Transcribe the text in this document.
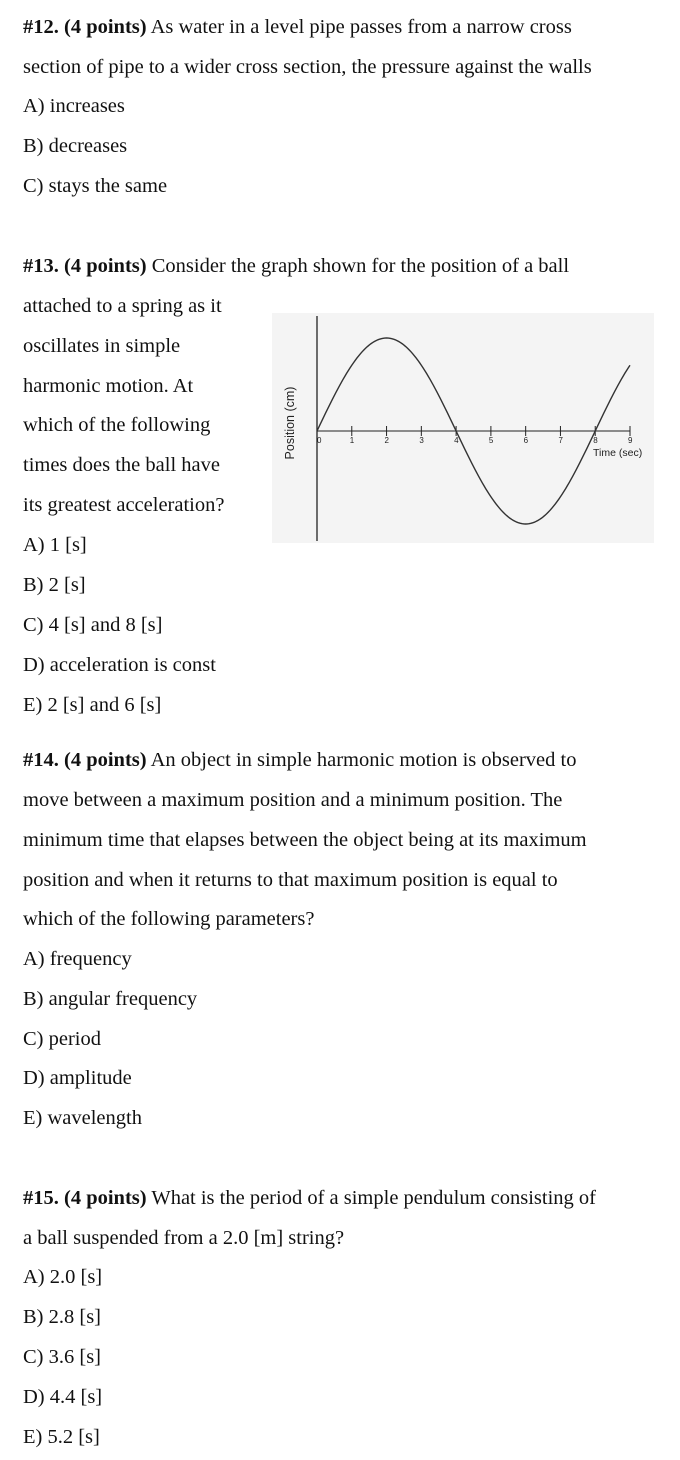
#12. (4 points) As water in a level pipe passes from a narrow cross
section of pipe to a wider cross section, the pressure against the walls
A) increases
B) decreases
C) stays the same
#13. (4 points) Consider the graph shown for the position of a ball
attached to a spring as it
oscillates in simple
harmonic motion. At
which of the following
times does the ball have
its greatest acceleration?
A) 1 [s]
B) 2 [s]
C) 4 [s] and 8 [s]
D) acceleration is const
E) 2 [s] and 6 [s]
Position (cm)	Time (sec)
0	1	2	3	4	5	6	7	8	9
#14. (4 points) An object in simple harmonic motion is observed to
move between a maximum position and a minimum position. The
minimum time that elapses between the object being at its maximum
position and when it returns to that maximum position is equal to
which of the following parameters?
A) frequency
B) angular frequency
C) period
D) amplitude
E) wavelength
#15. (4 points) What is the period of a simple pendulum consisting of
a ball suspended from a 2.0 [m] string?
A) 2.0 [s]
B) 2.8 [s]
C) 3.6 [s]
D) 4.4 [s]
E) 5.2 [s]
